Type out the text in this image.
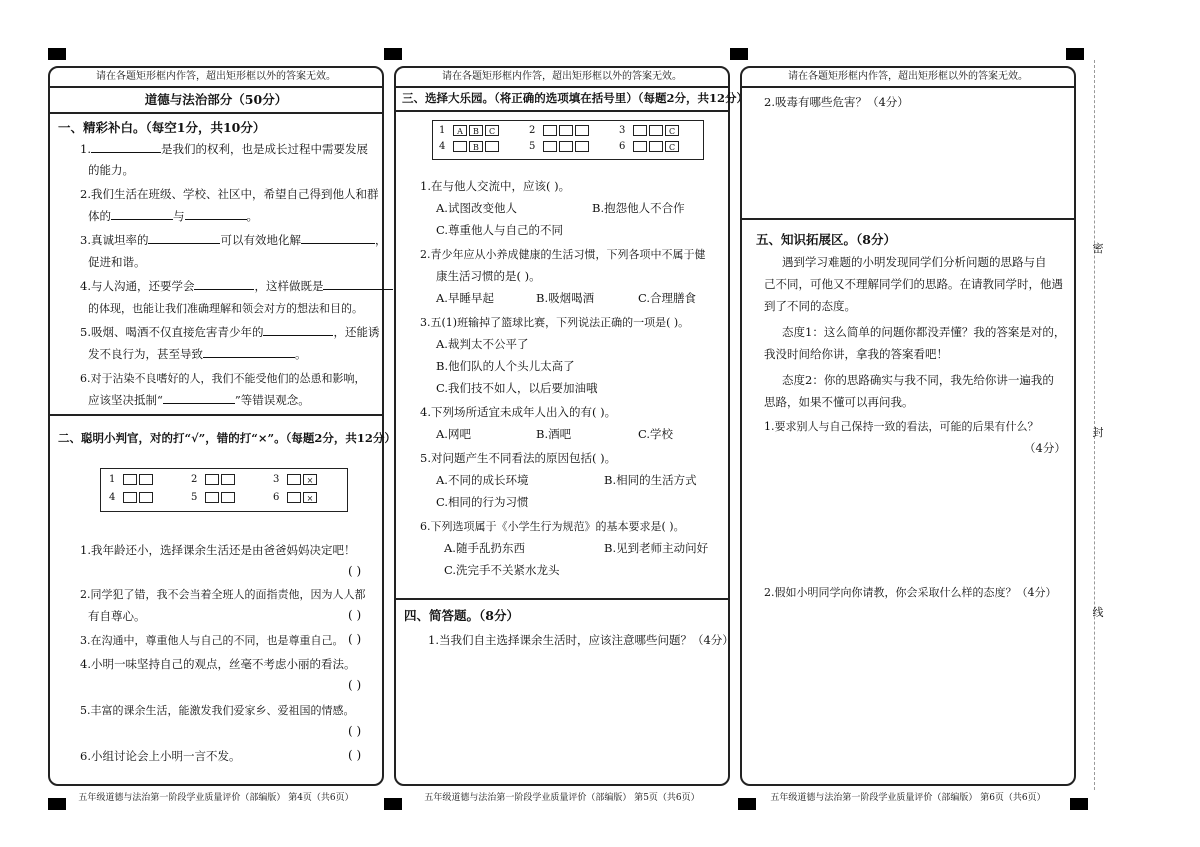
请在各题矩形框内作答，超出矩形框以外的答案无效。
道德与法治部分（50分）
一、精彩补白。（每空1分，共10分）
1.	是我们的权利，也是成长过程中需要发展
的能力。
2.我们生活在班级、学校、社区中，希望自己得到他人和群
体的	与	。
3.真诚坦率的	可以有效地化解	，
促进和谐。
4.与人沟通，还要学会	，这样做既是
的体现，也能让我们准确理解和领会对方的想法和目的。
5.吸烟、喝酒不仅直接危害青少年的	，还能诱
发不良行为，甚至导致	。
6.对于沾染不良嗜好的人，我们不能受他们的怂恿和影响，
应该坚决抵制“	”等错误观念。
二、聪明小判官，对的打“√”，错的打“×”。（每题2分，共12分）
1	2	3	×
4	5	6	×
1.我年龄还小，选择课余生活还是由爸爸妈妈决定吧！
( )
2.同学犯了错，我不会当着全班人的面指责他，因为人人都
有自尊心。	( )
3.在沟通中，尊重他人与自己的不同，也是尊重自己。 ( )
4.小明一味坚持自己的观点，丝毫不考虑小丽的看法。
( )
5.丰富的课余生活，能激发我们爱家乡、爱祖国的情感。
( )
6.小组讨论会上小明一言不发。	( )
五年级道德与法治第一阶段学业质量评价（部编版） 第4页（共6页）
请在各题矩形框内作答，超出矩形框以外的答案无效。
三、选择大乐园。（将正确的选项填在括号里）（每题2分，共12分）
1	A	B	C	2	3	C
4	B	5	6	C
1.在与他人交流中，应该( )。
A.试图改变他人	B.抱怨他人不合作
C.尊重他人与自己的不同
2.青少年应从小养成健康的生活习惯，下列各项中不属于健
康生活习惯的是( )。
A.早睡早起	B.吸烟喝酒	C.合理膳食
3.五(1)班输掉了篮球比赛，下列说法正确的一项是( )。
A.裁判太不公平了
B.他们队的人个头儿太高了
C.我们技不如人，以后要加油哦
4.下列场所适宜未成年人出入的有( )。
A.网吧	B.酒吧	C.学校
5.对问题产生不同看法的原因包括( )。
A.不同的成长环境	B.相同的生活方式
C.相同的行为习惯
6.下列选项属于《小学生行为规范》的基本要求是( )。
A.随手乱扔东西	B.见到老师主动问好
C.洗完手不关紧水龙头
四、简答题。（8分）
1.当我们自主选择课余生活时，应该注意哪些问题？（4分）
五年级道德与法治第一阶段学业质量评价（部编版） 第5页（共6页）
请在各题矩形框内作答，超出矩形框以外的答案无效。
2.吸毒有哪些危害？（4分）
五、知识拓展区。（8分）
遇到学习难题的小明发现同学们分析问题的思路与自
己不同，可他又不理解同学们的思路。在请教同学时，他遇
到了不同的态度。
态度1：这么简单的问题你都没弄懂？我的答案是对的，
我没时间给你讲，拿我的答案看吧！
态度2：你的思路确实与我不同，我先给你讲一遍我的
思路，如果不懂可以再问我。
1.要求别人与自己保持一致的看法，可能的后果有什么？
（4分）
2.假如小明同学向你请教，你会采取什么样的态度？（4分）
五年级道德与法治第一阶段学业质量评价（部编版） 第6页（共6页）
密
封
线
